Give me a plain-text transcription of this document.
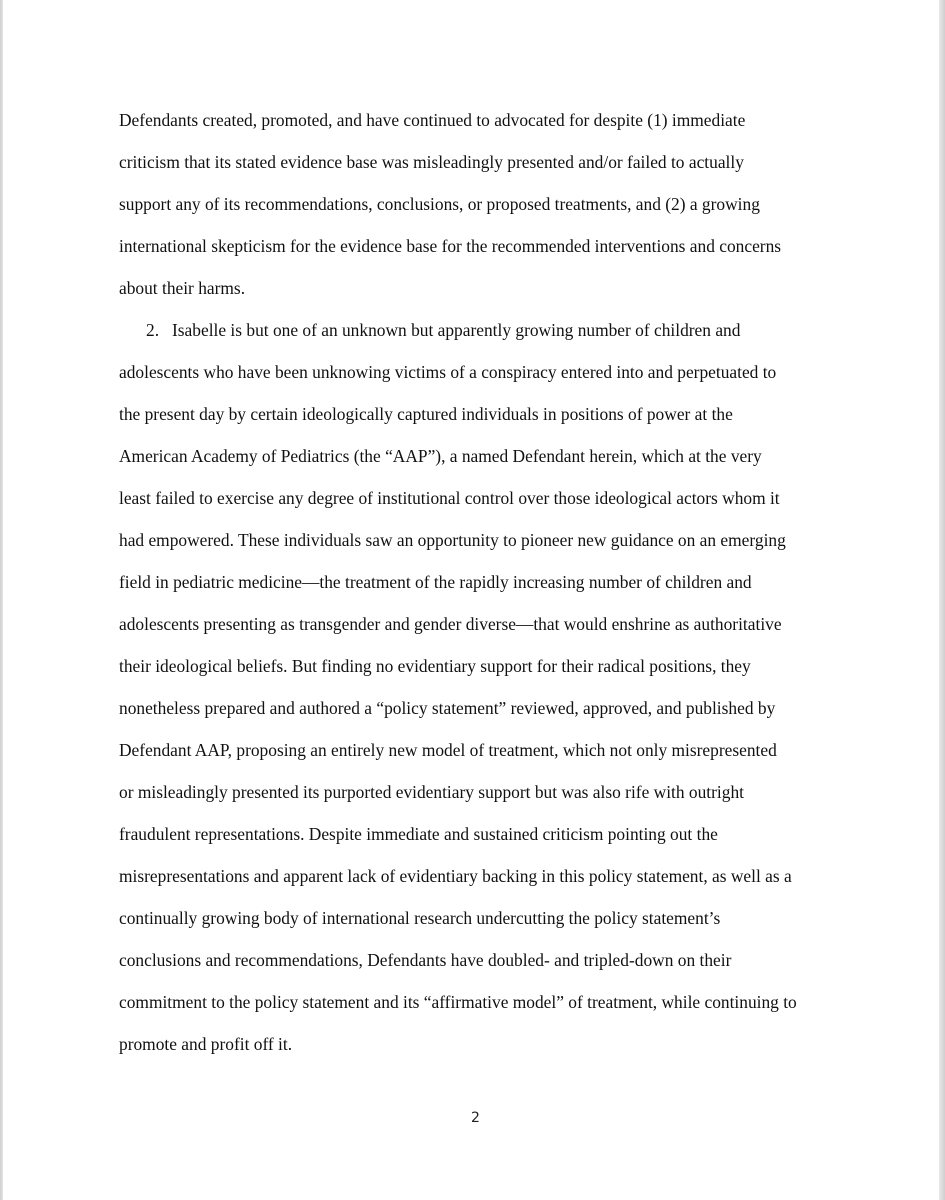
Defendants created, promoted, and have continued to advocated for despite (1) immediate
criticism that its stated evidence base was misleadingly presented and/or failed to actually
support any of its recommendations, conclusions, or proposed treatments, and (2) a growing
international skepticism for the evidence base for the recommended interventions and concerns
about their harms.
2. Isabelle is but one of an unknown but apparently growing number of children and
adolescents who have been unknowing victims of a conspiracy entered into and perpetuated to
the present day by certain ideologically captured individuals in positions of power at the
American Academy of Pediatrics (the “AAP”), a named Defendant herein, which at the very
least failed to exercise any degree of institutional control over those ideological actors whom it
had empowered. These individuals saw an opportunity to pioneer new guidance on an emerging
field in pediatric medicine—the treatment of the rapidly increasing number of children and
adolescents presenting as transgender and gender diverse—that would enshrine as authoritative
their ideological beliefs. But finding no evidentiary support for their radical positions, they
nonetheless prepared and authored a “policy statement” reviewed, approved, and published by
Defendant AAP, proposing an entirely new model of treatment, which not only misrepresented
or misleadingly presented its purported evidentiary support but was also rife with outright
fraudulent representations. Despite immediate and sustained criticism pointing out the
misrepresentations and apparent lack of evidentiary backing in this policy statement, as well as a
continually growing body of international research undercutting the policy statement’s
conclusions and recommendations, Defendants have doubled- and tripled-down on their
commitment to the policy statement and its “affirmative model” of treatment, while continuing to
promote and profit off it.
2
